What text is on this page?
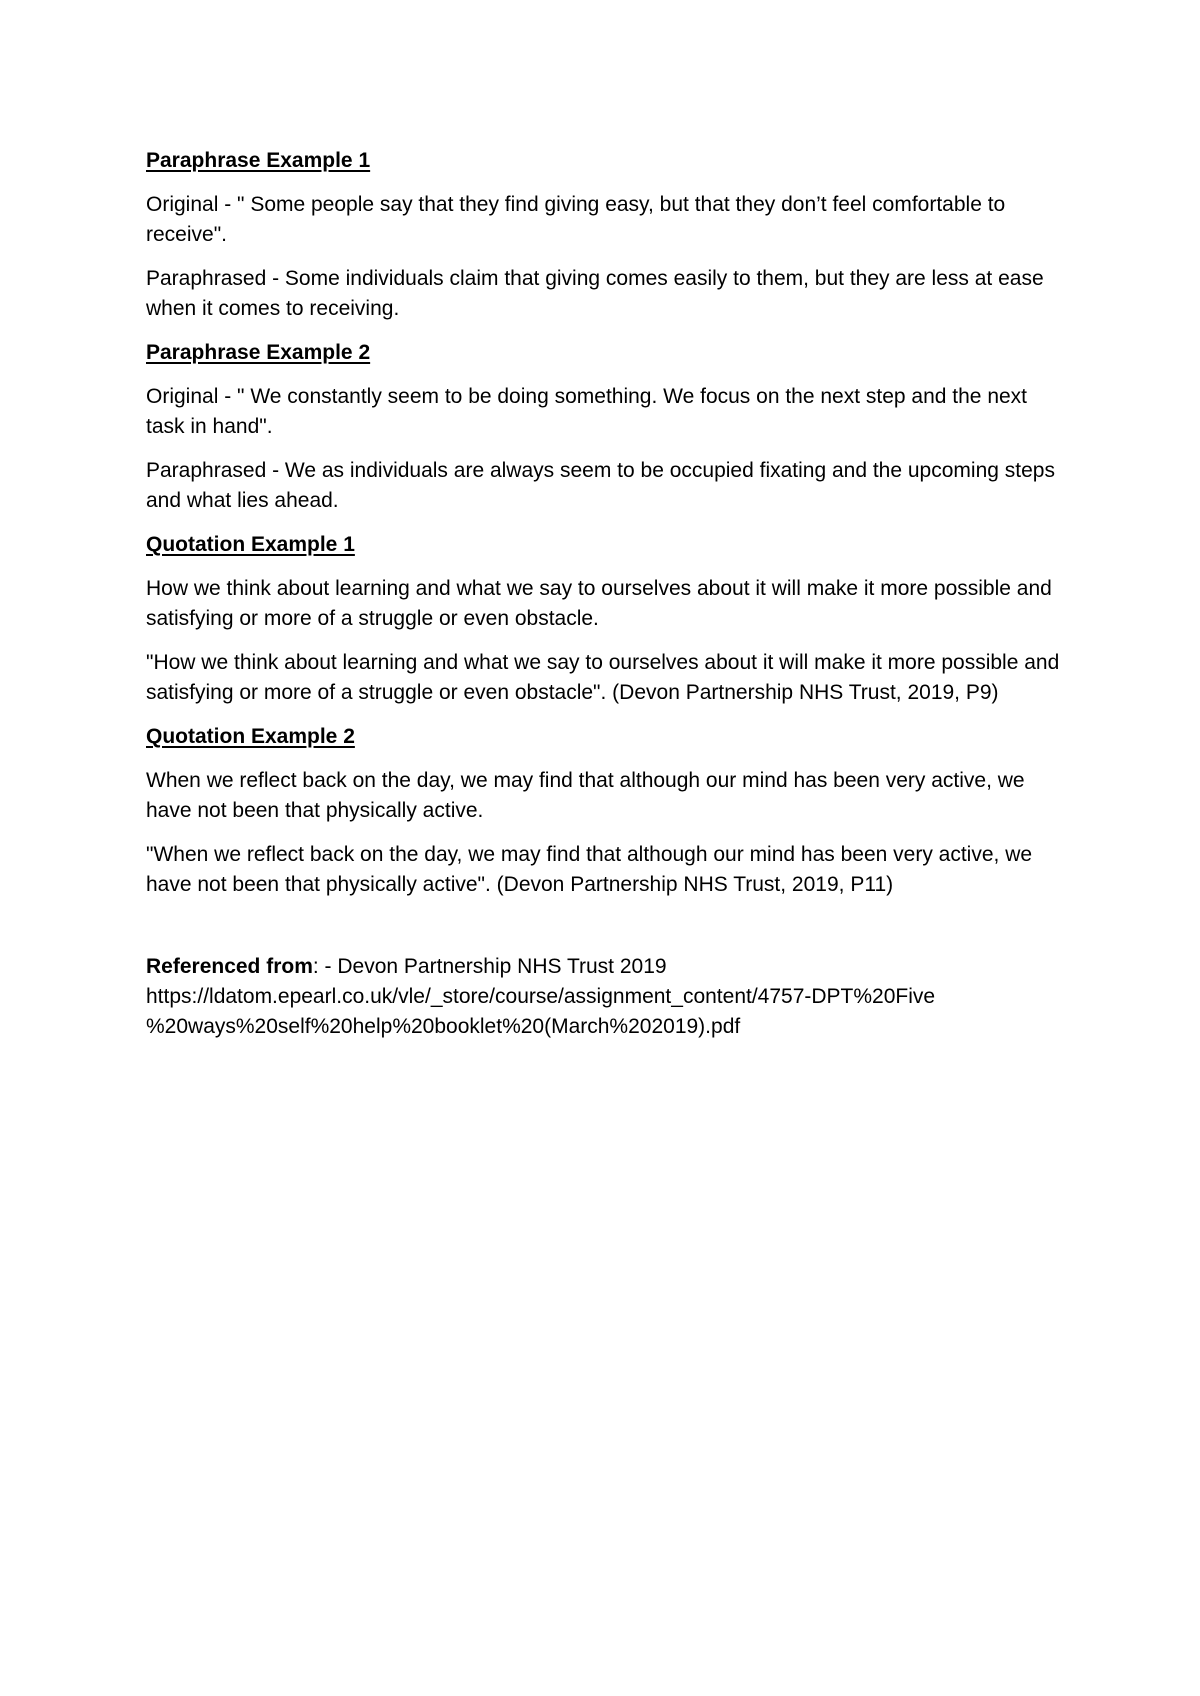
Paraphrase Example 1
Original - " Some people say that they find giving easy, but that they don’t feel comfortable to receive".
Paraphrased - Some individuals claim that giving comes easily to them, but they are less at ease when it comes to receiving.
Paraphrase Example 2
Original - " We constantly seem to be doing something. We focus on the next step and the next task in hand".
Paraphrased - We as individuals are always seem to be occupied fixating and the upcoming steps and what lies ahead.
Quotation Example 1
How we think about learning and what we say to ourselves about it will make it more possible and satisfying or more of a struggle or even obstacle.
"How we think about learning and what we say to ourselves about it will make it more possible and satisfying or more of a struggle or even obstacle". (Devon Partnership NHS Trust, 2019, P9)
Quotation Example 2
When we reflect back on the day, we may find that although our mind has been very active, we have not been that physically active.
"When we reflect back on the day, we may find that although our mind has been very active, we have not been that physically active". (Devon Partnership NHS Trust, 2019, P11)

Referenced from: - Devon Partnership NHS Trust 2019

https://ldatom.epearl.co.uk/vle/_store/course/assignment_content/4757-DPT%20Five

%20ways%20self%20help%20booklet%20(March%202019).pdf
